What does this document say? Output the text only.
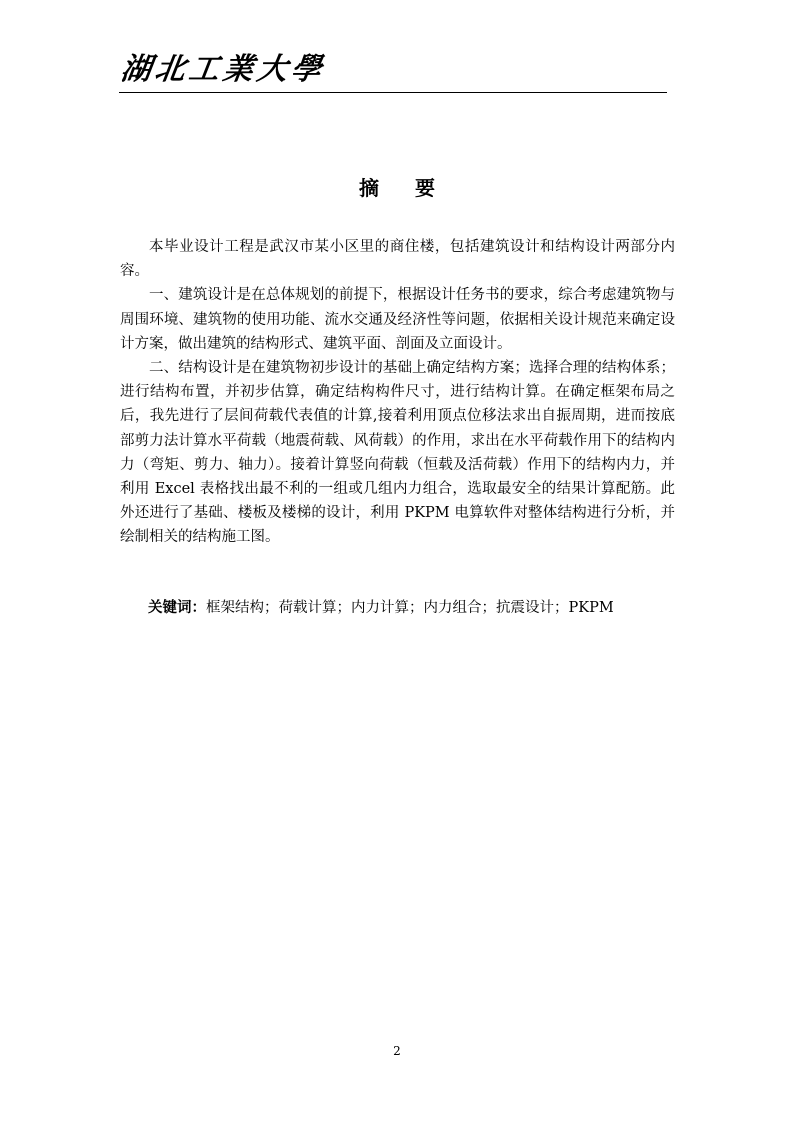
湖北工業大學
摘 要

本毕业设计工程是武汉市某小区里的商住楼，包括建筑设计和结构设计两部分内容。

一、建筑设计是在总体规划的前提下，根据设计任务书的要求，综合考虑建筑物与周围环境、建筑物的使用功能、流水交通及经济性等问题，依据相关设计规范来确定设计方案，做出建筑的结构形式、建筑平面、剖面及立面设计。

二、结构设计是在建筑物初步设计的基础上确定结构方案；选择合理的结构体系；进行结构布置，并初步估算，确定结构构件尺寸，进行结构计算。在确定框架布局之后，我先进行了层间荷载代表值的计算,接着利用顶点位移法求出自振周期，进而按底部剪力法计算水平荷载（地震荷载、风荷载）的作用，求出在水平荷载作用下的结构内力（弯矩、剪力、轴力）。接着计算竖向荷载（恒载及活荷载）作用下的结构内力，并利用 Excel 表格找出最不利的一组或几组内力组合，选取最安全的结果计算配筋。此外还进行了基础、楼板及楼梯的设计，利用 PKPM 电算软件对整体结构进行分析，并绘制相关的结构施工图。

关键词：框架结构；荷载计算；内力计算；内力组合；抗震设计；PKPM
2
